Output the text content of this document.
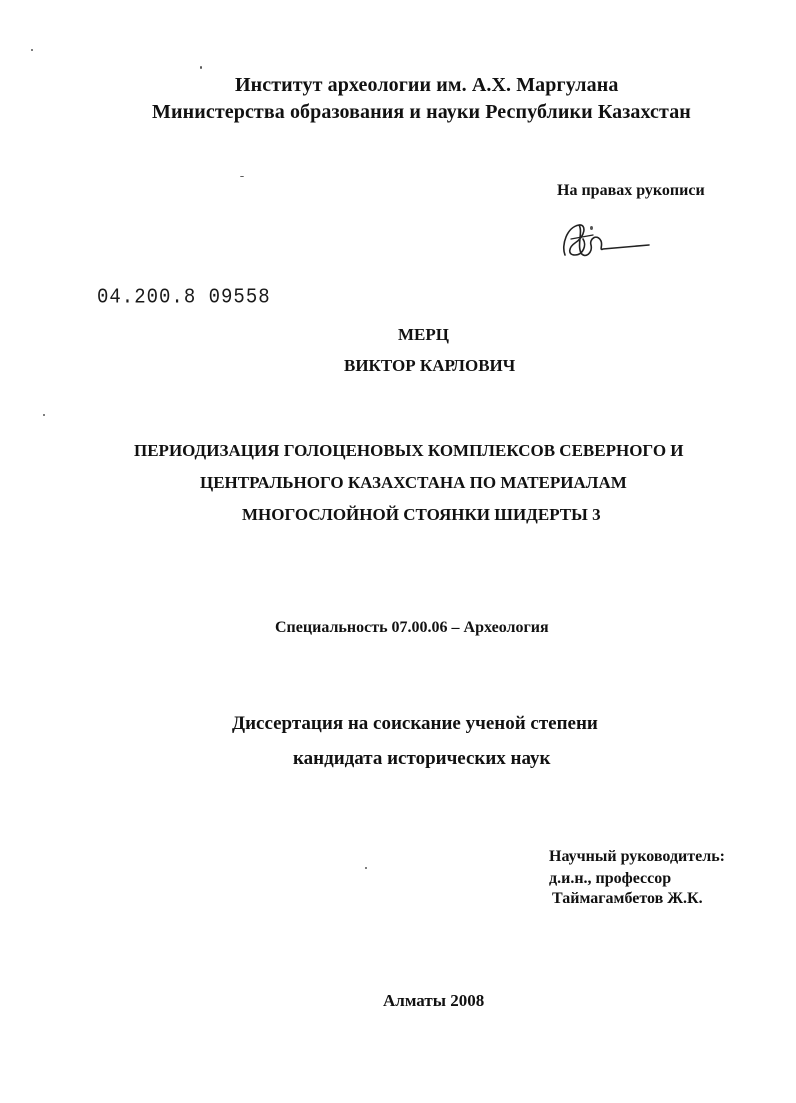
Институт археологии им. А.Х. Маргулана
Министерства образования и науки Республики Казахстан
На правах рукописи
04.200.8 09558
МЕРЦ
ВИКТОР КАРЛОВИЧ
ПЕРИОДИЗАЦИЯ ГОЛОЦЕНОВЫХ КОМПЛЕКСОВ СЕВЕРНОГО И
ЦЕНТРАЛЬНОГО КАЗАХСТАНА ПО МАТЕРИАЛАМ
МНОГОСЛОЙНОЙ СТОЯНКИ ШИДЕРТЫ 3
Специальность 07.00.06 – Археология
Диссертация на соискание ученой степени
кандидата исторических наук
Научный руководитель:
д.и.н., профессор
Таймагамбетов Ж.К.
Алматы 2008
